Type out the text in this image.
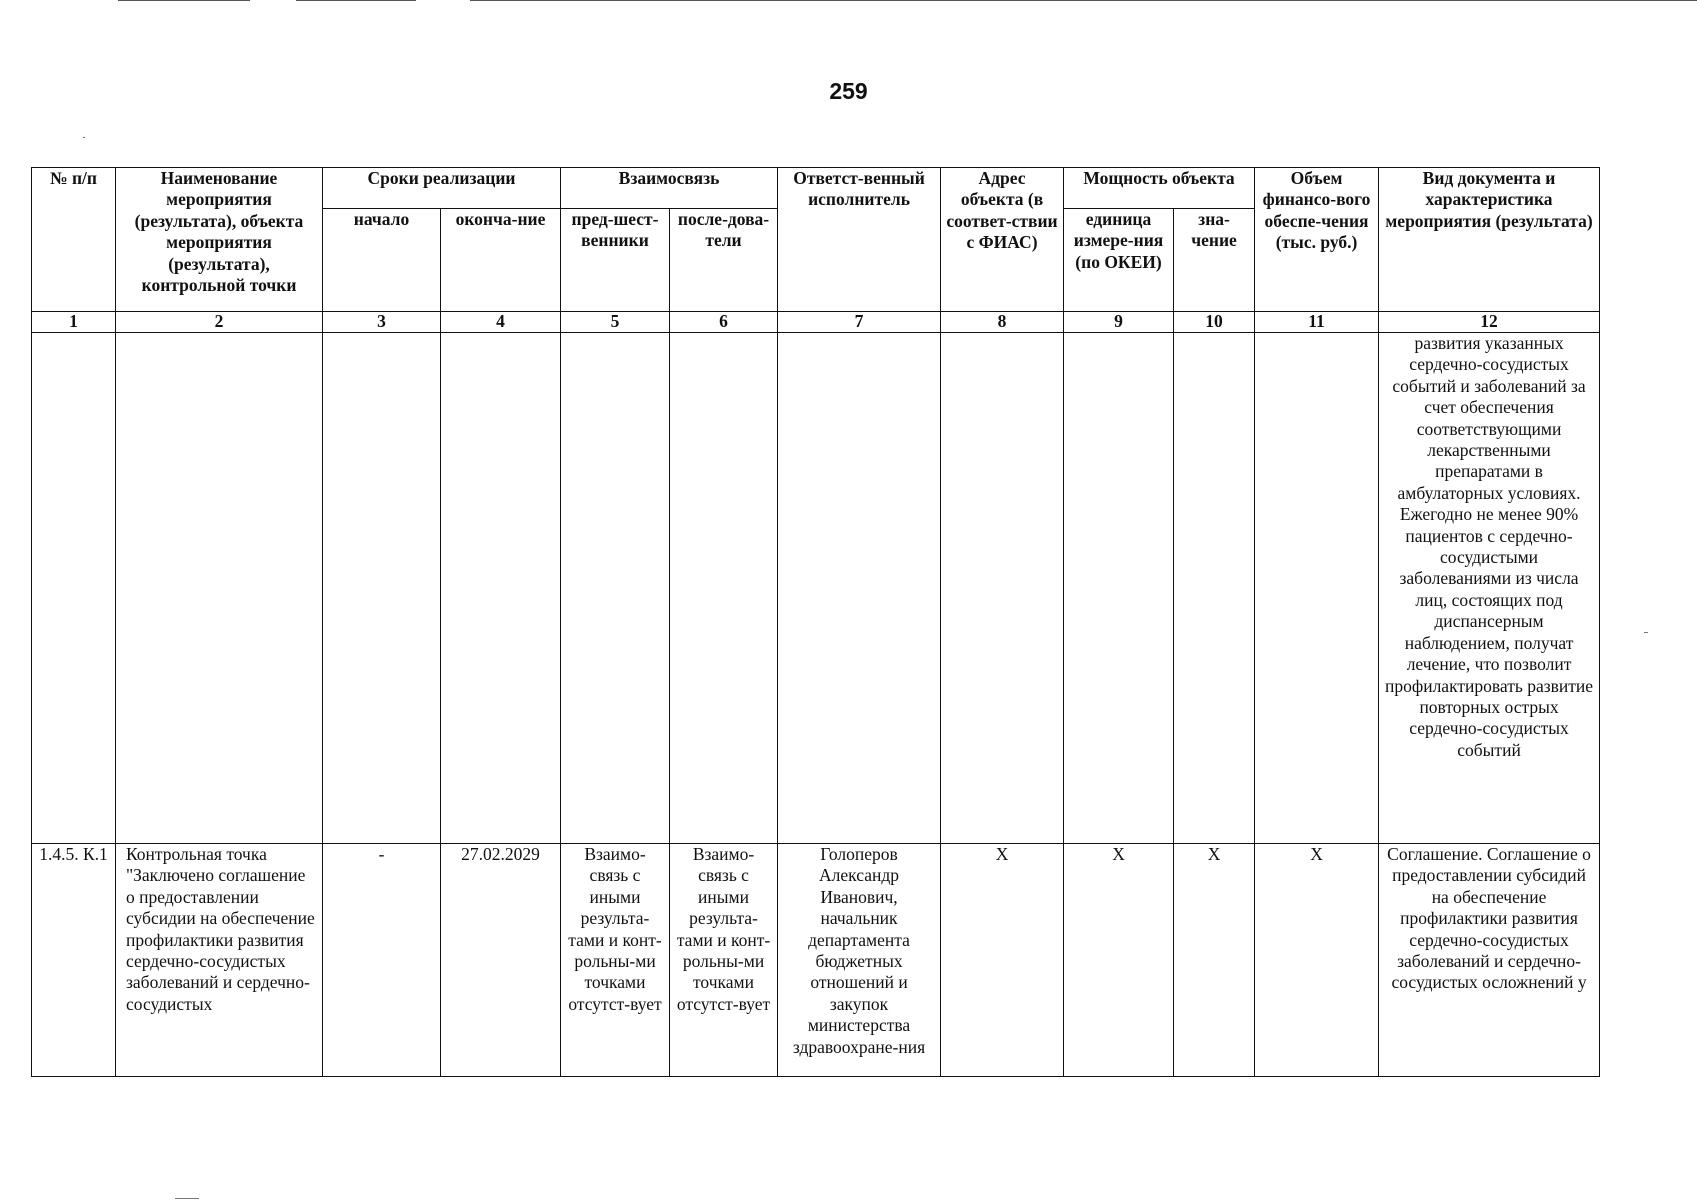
259
№ п/п	Наименование мероприятия (результата), объекта мероприятия (результата), контрольной точки	Сроки реализации		Взаимосвязь		Ответст-венный исполнитель	Адрес объекта (в соответ-ствии с ФИАС)	Мощность объекта		Объем финансо-вого обеспе-чения (тыс. руб.)	Вид документа и характеристика мероприятия (результата)
		начало	оконча-ние	пред-шест-венники	после-дова-тели			единица измере-ния (по ОКЕИ)	зна-чение		
1	2	3	4	5	6	7	8	9	10	11	12
											развития указанных сердечно-сосудистых событий и заболеваний за счет обеспечения соответствующими лекарственными препаратами в амбулаторных условиях. Ежегодно не менее 90% пациентов с сердечно-сосудистыми заболеваниями из числа лиц, состоящих под диспансерным наблюдением, получат лечение, что позволит профилактировать развитие повторных острых сердечно-сосудистых событий
1.4.5. К.1	Контрольная точка "Заключено соглашение о предоставлении субсидии на обеспечение профилактики развития сердечно-сосудистых заболеваний и сердечно-сосудистых	-	27.02.2029	Взаимо-связь с иными результа-тами и конт-рольны-ми точками отсутст-вует	Взаимо-связь с иными результа-тами и конт-рольны-ми точками отсутст-вует	Голоперов Александр Иванович, начальник департамента бюджетных отношений и закупок министерства здравоохране-ния	X	X	X	X	Соглашение. Соглашение о предоставлении субсидий на обеспечение профилактики развития сердечно-сосудистых заболеваний и сердечно-сосудистых осложнений у
